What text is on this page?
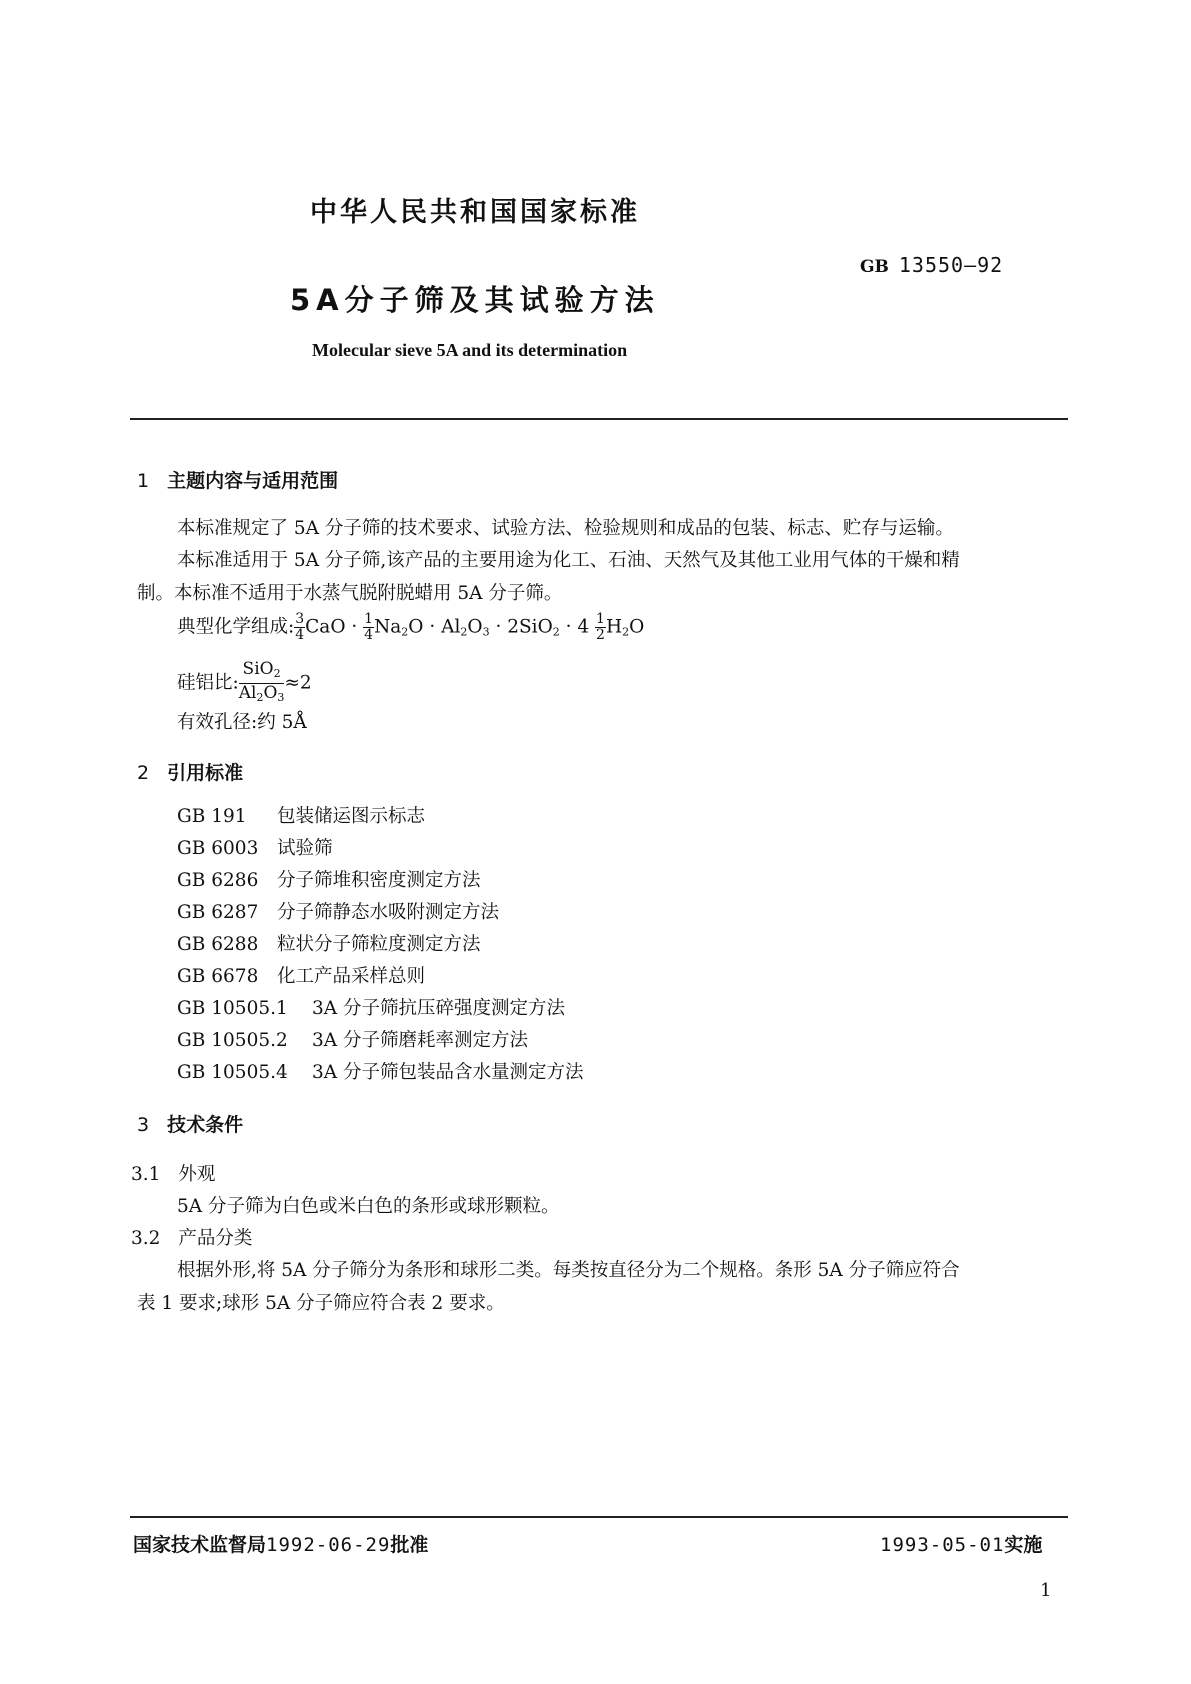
中华人民共和国国家标准
GB 13550—92
5A分子筛及其试验方法
Molecular sieve 5A and its determination
1 主题内容与适用范围
本标准规定了 5A 分子筛的技术要求、试验方法、检验规则和成品的包装、标志、贮存与运输。
本标准适用于 5A 分子筛,该产品的主要用途为化工、石油、天然气及其他工业用气体的干燥和精
制。本标准不适用于水蒸气脱附脱蜡用 5A 分子筛。
典型化学组成: $\frac{3}{4}$ CaO · $\frac{1}{4} Na_2O \cdot Al_2O_3 \cdot 2SiO_2 \cdot 4 \frac{1}{2} H_2O$
硅铝比: $\frac{SiO_2}{Al_2O_3} \approx 2$
有效孔径:约 5Å
2 引用标准
GB 191 包装储运图示标志
GB 6003 试验筛
GB 6286 分子筛堆积密度测定方法
GB 6287 分子筛静态水吸附测定方法
GB 6288 粒状分子筛粒度测定方法
GB 6678 化工产品采样总则
GB 10505.1 3A 分子筛抗压碎强度测定方法
GB 10505.2 3A 分子筛磨耗率测定方法
GB 10505.4 3A 分子筛包装品含水量测定方法
3 技术条件
3.1 外观
5A 分子筛为白色或米白色的条形或球形颗粒。
3.2 产品分类
根据外形,将 5A 分子筛分为条形和球形二类。每类按直径分为二个规格。条形 5A 分子筛应符合
表 1 要求;球形 5A 分子筛应符合表 2 要求。
国家技术监督局1992-06-29批准	1993-05-01实施
1
